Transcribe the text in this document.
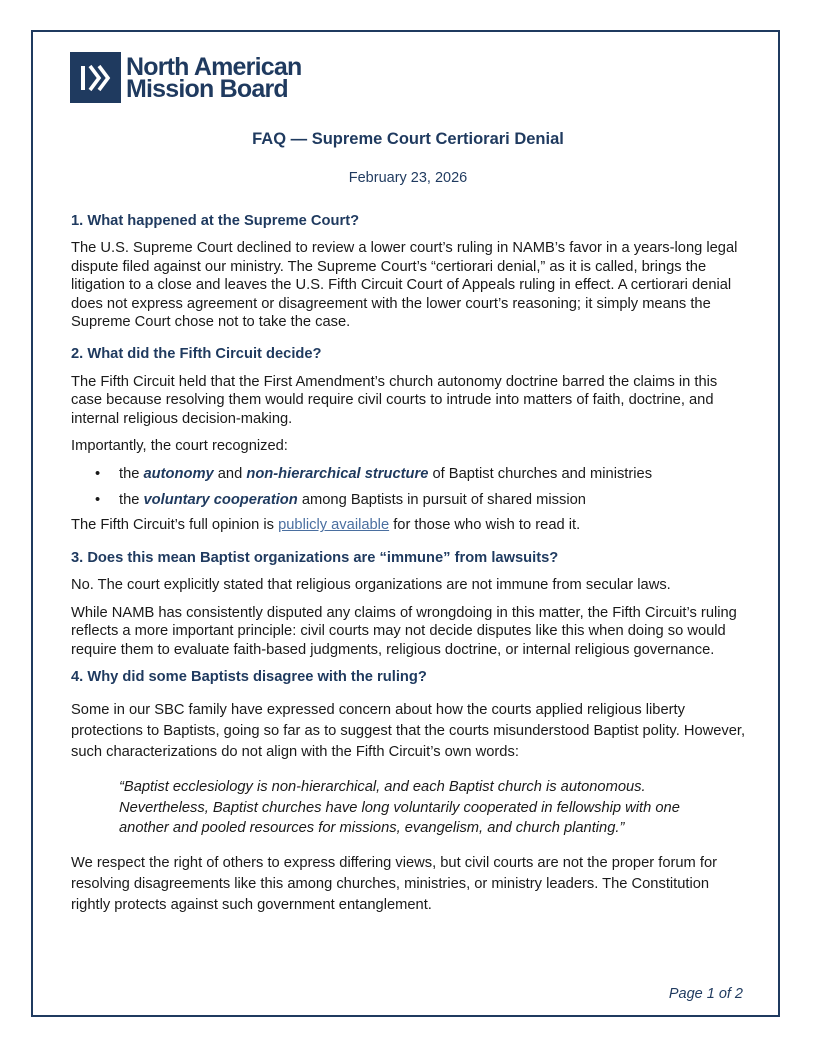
North American
Mission Board
FAQ — Supreme Court Certiorari Denial
February 23, 2026
1. What happened at the Supreme Court?

The U.S. Supreme Court declined to review a lower court’s ruling in NAMB’s favor in a years-long legal dispute filed against our ministry. The Supreme Court’s “certiorari denial,” as it is called, brings the litigation to a close and leaves the U.S. Fifth Circuit Court of Appeals ruling in effect. A certiorari denial does not express agreement or disagreement with the lower court’s reasoning; it simply means the Supreme Court chose not to take the case.

2. What did the Fifth Circuit decide?

The Fifth Circuit held that the First Amendment’s church autonomy doctrine barred the claims in this case because resolving them would require civil courts to intrude into matters of faith, doctrine, and internal religious decision-making.

Importantly, the court recognized:

• the autonomy and non-hierarchical structure of Baptist churches and ministries
• the voluntary cooperation among Baptists in pursuit of shared mission

The Fifth Circuit’s full opinion is publicly available for those who wish to read it.

3. Does this mean Baptist organizations are “immune” from lawsuits?

No. The court explicitly stated that religious organizations are not immune from secular laws.

While NAMB has consistently disputed any claims of wrongdoing in this matter, the Fifth Circuit’s ruling reflects a more important principle: civil courts may not decide disputes like this when doing so would require them to evaluate faith-based judgments, religious doctrine, or internal religious governance.

4. Why did some Baptists disagree with the ruling?

Some in our SBC family have expressed concern about how the courts applied religious liberty protections to Baptists, going so far as to suggest that the courts misunderstood Baptist polity. However, such characterizations do not align with the Fifth Circuit’s own words:

“Baptist ecclesiology is non-hierarchical, and each Baptist church is autonomous. Nevertheless, Baptist churches have long voluntarily cooperated in fellowship with one another and pooled resources for missions, evangelism, and church planting.”

We respect the right of others to express differing views, but civil courts are not the proper forum for resolving disagreements like this among churches, ministries, or ministry leaders. The Constitution rightly protects against such government entanglement.

Page 1 of 2
